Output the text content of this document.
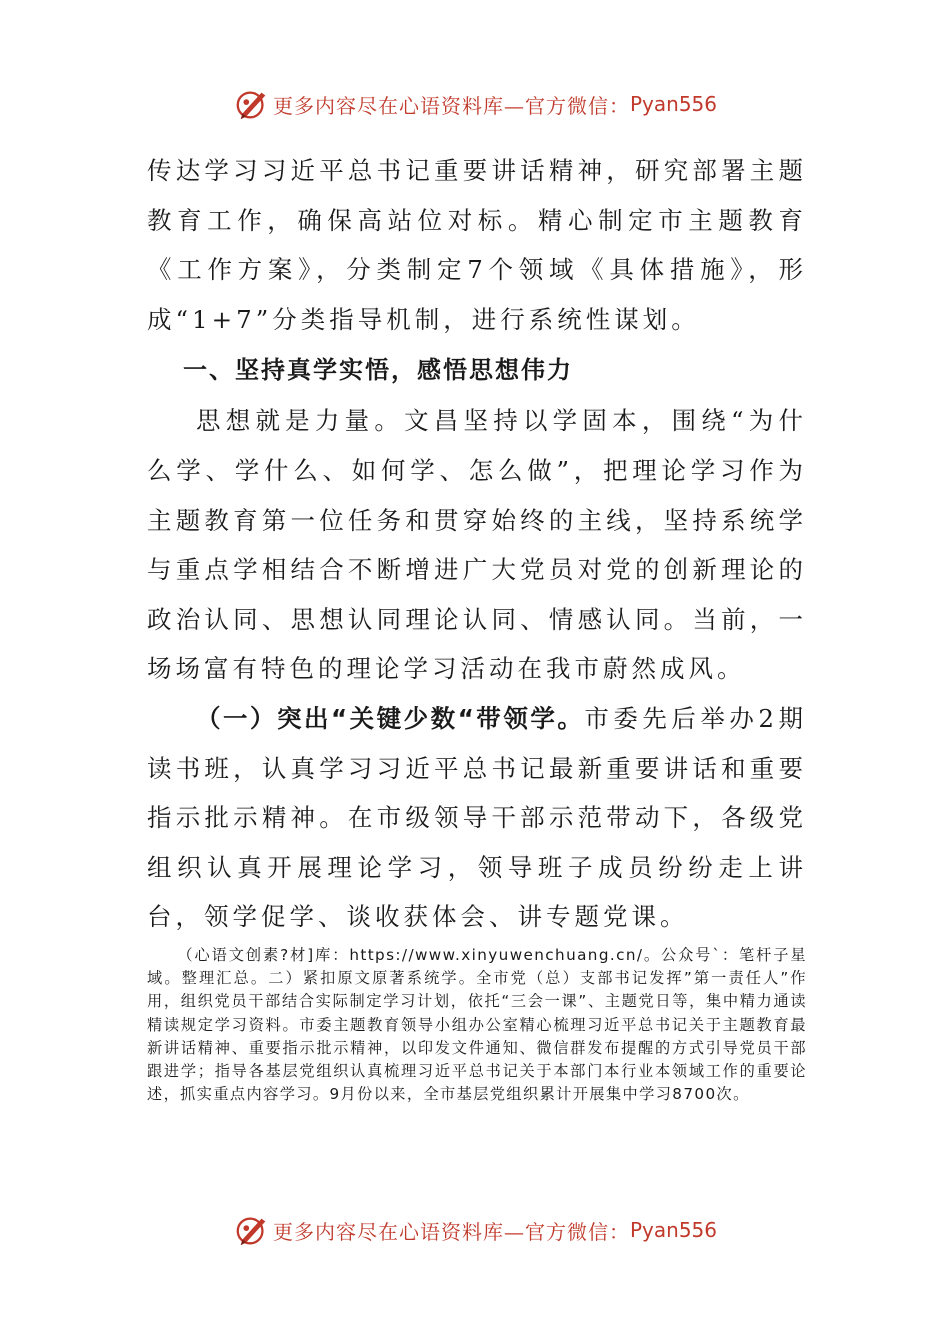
更多内容尽在心语资料库—官方微信： Pyan556

传达学习习近平总书记重要讲话精神，研究部署主题教育工作，确保高站位对标。精心制定市主题教育《工作方案》，分类制定7个领域《具体措施》，形成“1+7”分类指导机制，进行系统性谋划。

一、坚持真学实悟，感悟思想伟力

思想就是力量。文昌坚持以学固本，围绕“为什么学、学什么、如何学、怎么做”，把理论学习作为主题教育第一位任务和贯穿始终的主线，坚持系统学与重点学相结合不断增进广大党员对党的创新理论的政治认同、思想认同理论认同、情感认同。当前，一场场富有特色的理论学习活动在我市蔚然成风。

（一）突出“关键少数“带领学。市委先后举办2期读书班，认真学习习近平总书记最新重要讲话和重要指示批示精神。在市级领导干部示范带动下，各级党组织认真开展理论学习，领导班子成员纷纷走上讲台，领学促学、谈收获体会、讲专题党课。

（心语文创素?材]库：https://www.xinyuwenchuang.cn/。公众号`：笔杆子星域。整理汇总。二）紧扣原文原著系统学。全市党（总）支部书记发挥”第一责任人”作用，组织党员干部结合实际制定学习计划，依托“三会一课”、主题党日等，集中精力通读精读规定学习资料。市委主题教育领导小组办公室精心梳理习近平总书记关于主题教育最新讲话精神、重要指示批示精神，以印发文件通知、微信群发布提醒的方式引导党员干部跟进学；指导各基层党组织认真梳理习近平总书记关于本部门本行业本领域工作的重要论述，抓实重点内容学习。9月份以来，全市基层党组织累计开展集中学习8700次。

更多内容尽在心语资料库—官方微信： Pyan556
